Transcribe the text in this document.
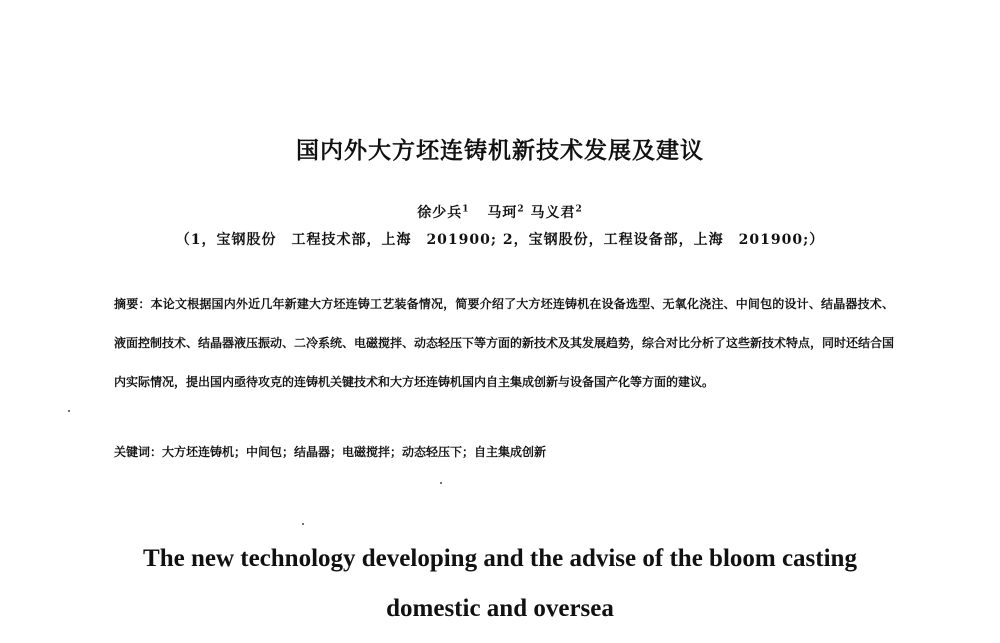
国内外大方坯连铸机新技术发展及建议

徐少兵$^1$ 马珂$^2$ 马义君$^2$

（1，宝钢股份　工程技术部，上海　201900; 2，宝钢股份，工程设备部，上海　201900;）

摘要：本论文根据国内外近几年新建大方坯连铸工艺装备情况，简要介绍了大方坯连铸机在设备选型、无氧化浇注、中间包的设计、结晶器技术、液面控制技术、结晶器液压振动、二冷系统、电磁搅拌、动态轻压下等方面的新技术及其发展趋势，综合对比分析了这些新技术特点，同时还结合国内实际情况，提出国内亟待攻克的连铸机关键技术和大方坯连铸机国内自主集成创新与设备国产化等方面的建议。

关键词：大方坯连铸机；中间包；结晶器；电磁搅拌；动态轻压下；自主集成创新

The new technology developing and the advise of the bloom casting
domestic and oversea
